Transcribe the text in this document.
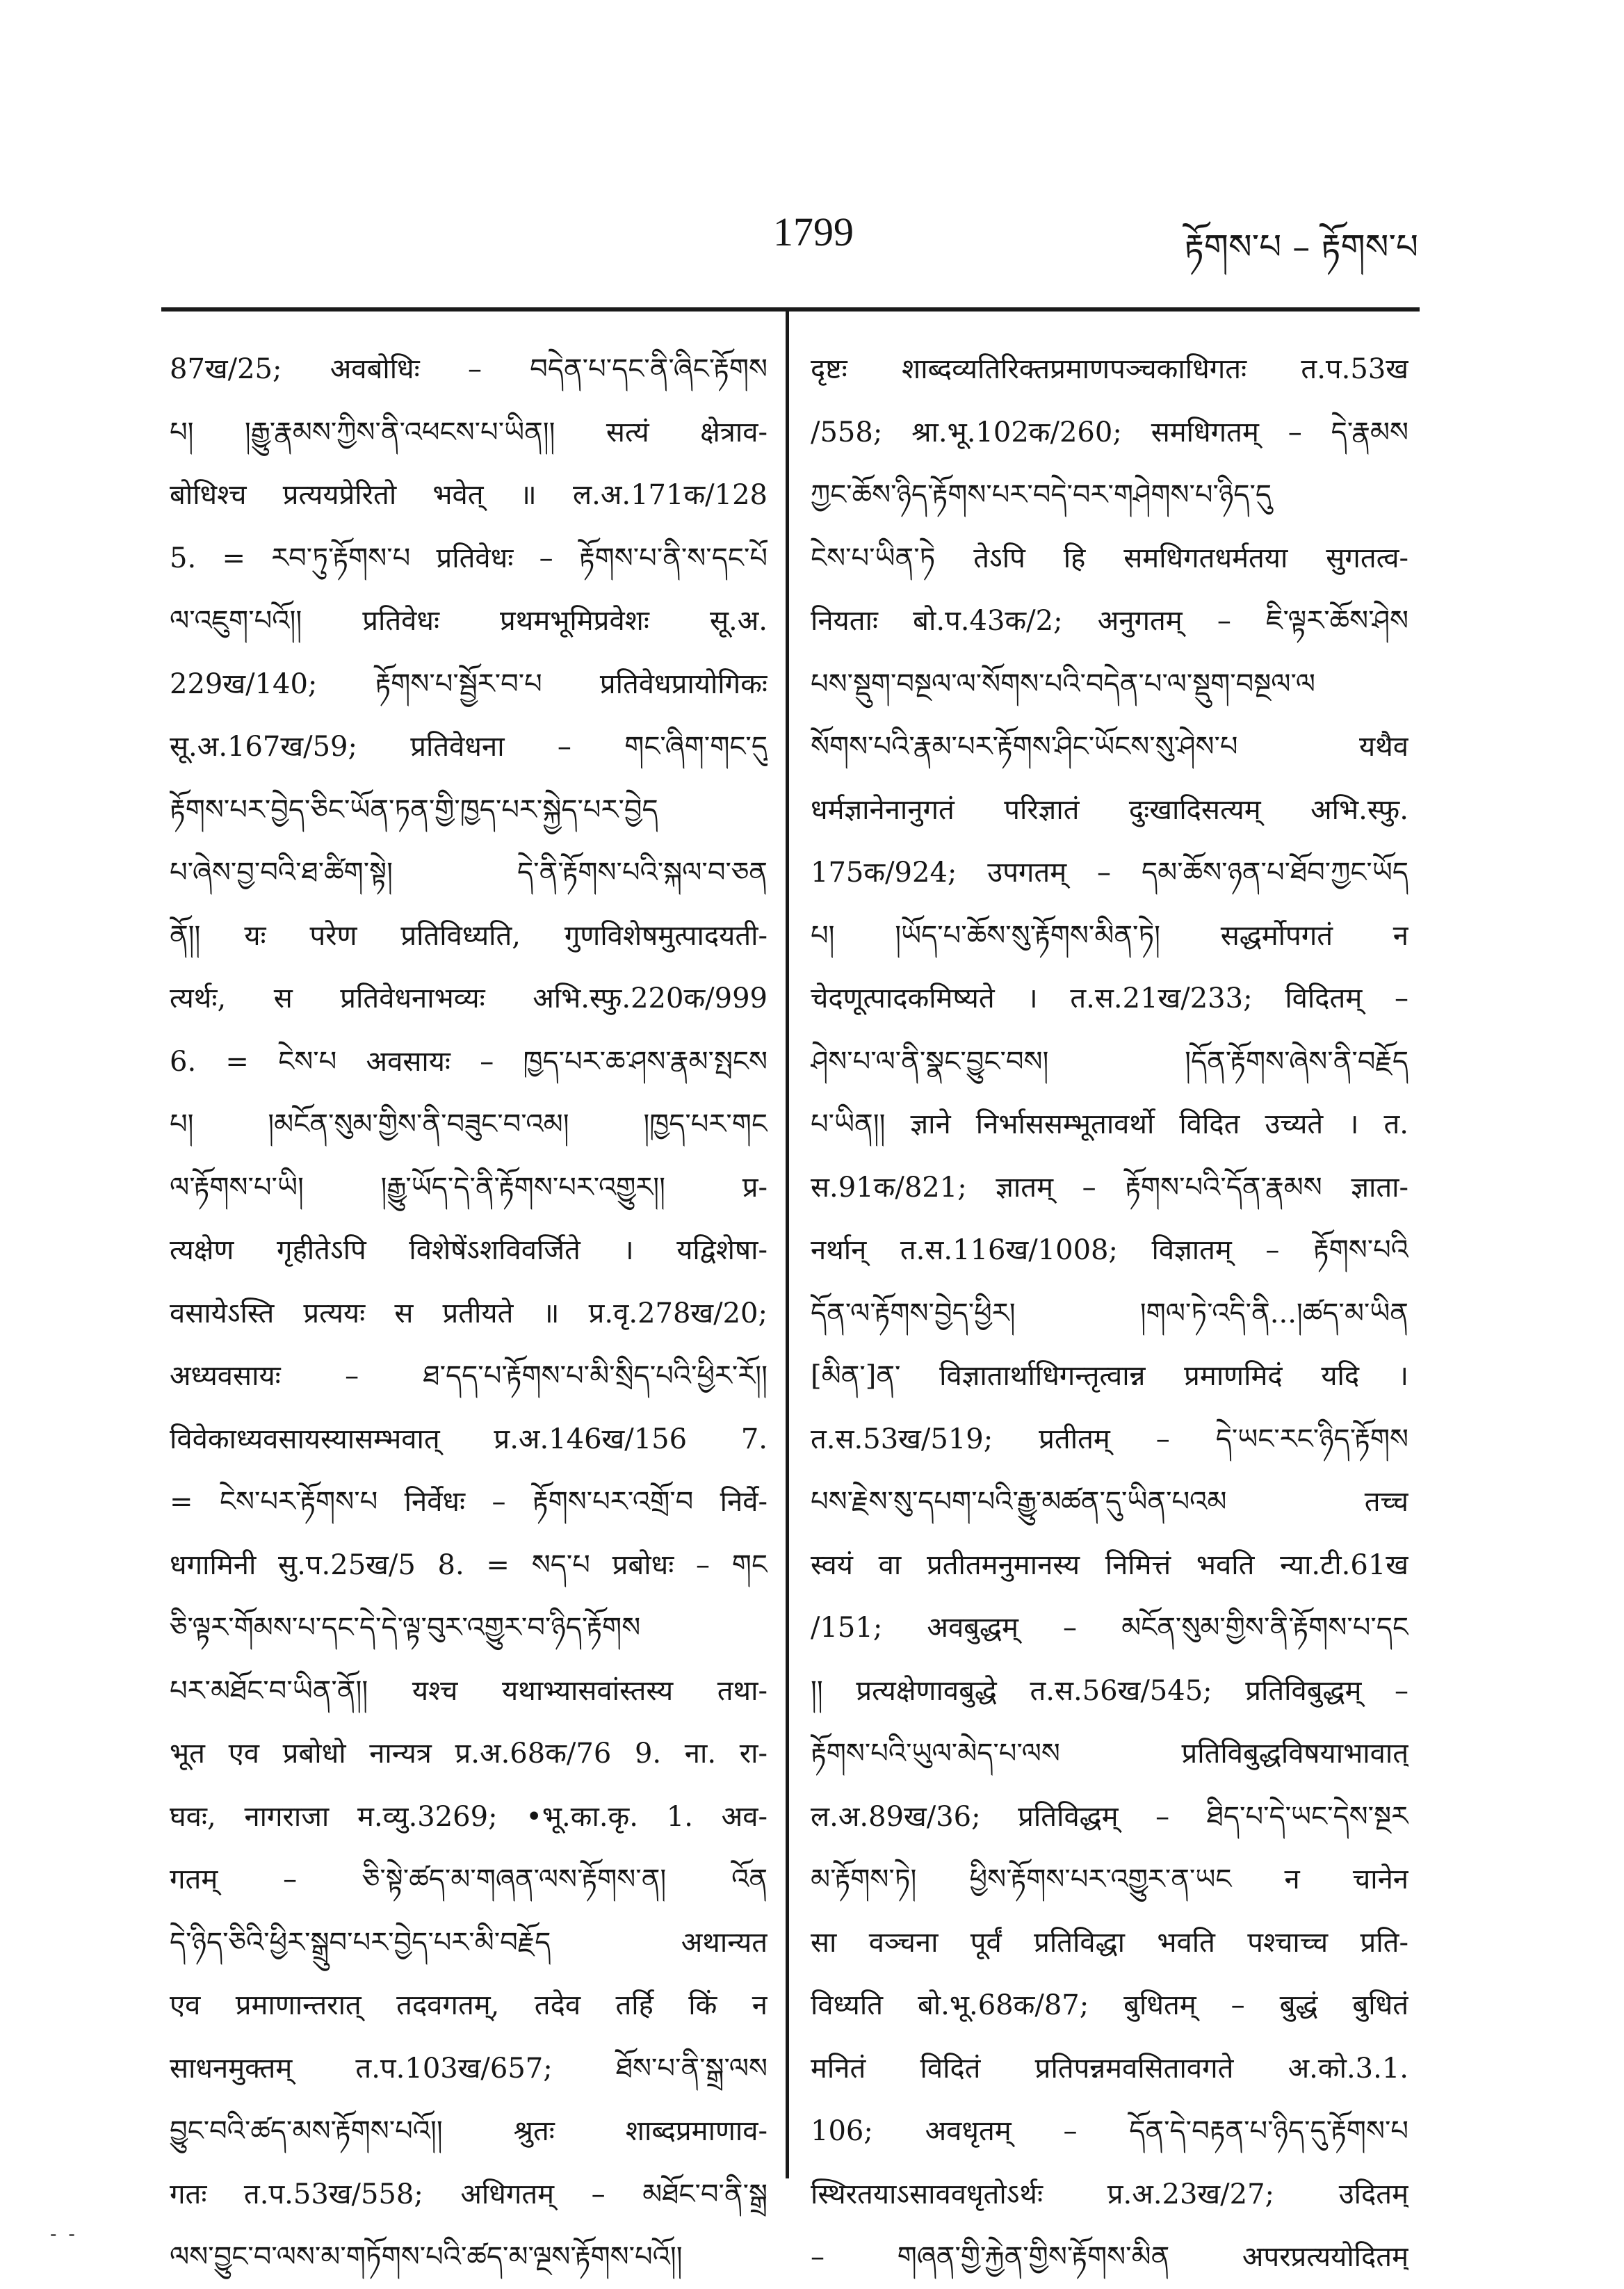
1799	རྟོགས་པ – རྟོགས་པ
87ख/25; अवबोधिः – བདེན་པ་དང་ནི་ཞིང་རྟོགས
པ། །རྒྱུ་རྣམས་ཀྱིས་ནི་འཕངས་པ་ཡིན།། सत्यं क्षेत्राव-
बोधिश्च प्रत्ययप्रेरितो भवेत् ॥ ल.अ.171क/128
5. = རབ་ཏུ་རྟོགས་པ प्रतिवेधः – རྟོགས་པ་ནི་ས་དང་པོ
ལ་འཇུག་པའོ།། प्रतिवेधः प्रथमभूमिप्रवेशः सू.अ.
229ख/140; རྟོགས་པ་སྦྱོར་བ་པ प्रतिवेधप्रायोगिकः
सू.अ.167ख/59; प्रतिवेधना – གང་ཞིག་གང་དུ
རྟོགས་པར་བྱེད་ཅིང་ཡོན་ཏན་གྱི་ཁྱད་པར་སྐྱེད་པར་བྱེད
པ་ཞེས་བྱ་བའི་ཐ་ཚིག་སྟེ། དེ་ནི་རྟོགས་པའི་སྐལ་བ་ཅན
ནོ།། यः परेण प्रतिविध्यति, गुणविशेषमुत्पादयती-
त्यर्थः, स प्रतिवेधनाभव्यः अभि.स्फु.220क/999
6. = ངེས་པ अवसायः – ཁྱད་པར་ཆ་ཤས་རྣམ་སྤངས
པ། །མངོན་སུམ་གྱིས་ནི་བཟུང་བ་འམ། །ཁྱད་པར་གང
ལ་རྟོགས་པ་ཡི། །རྒྱུ་ཡོད་དེ་ནི་རྟོགས་པར་འགྱུར།། प्र-
त्यक्षेण गृहीतेऽपि विशेषेंऽशविवर्जिते । यद्विशेषा-
वसायेऽस्ति प्रत्ययः स प्रतीयते ॥ प्र.वृ.278ख/20;
अध्यवसायः – ཐ་དད་པ་རྟོགས་པ་མི་སྲིད་པའི་ཕྱིར་རོ།།
विवेकाध्यवसायस्यासम्भवात् प्र.अ.146ख/156 7.
= ངེས་པར་རྟོགས་པ निर्वेधः – རྟོགས་པར་འགྲོ་བ निर्वे-
धगामिनी सु.प.25ख/5 8. = སད་པ प्रबोधः – གང
ཅི་ལྟར་གོམས་པ་དང་དེ་དེ་ལྟ་བུར་འགྱུར་བ་ཉིད་རྟོགས
པར་མཐོང་བ་ཡིན་ནོ།། यश्च यथाभ्यासवांस्तस्य तथा-
भूत एव प्रबोधो नान्यत्र प्र.अ.68क/76 9. ना. रा-
घवः, नागराजा म.व्यु.3269; •भू.का.कृ. 1. अव-
गतम् – ཅི་སྟེ་ཚད་མ་གཞན་ལས་རྟོགས་ན། འོན
དེ་ཉིད་ཅིའི་ཕྱིར་སྒྲུབ་པར་བྱེད་པར་མི་བརྗོད अथान्यत
एव प्रमाणान्तरात् तदवगतम्, तदेव तर्हि किं न
साधनमुक्तम् त.प.103ख/657; ཐོས་པ་ནི་སྒྲ་ལས
བྱུང་བའི་ཚད་མས་རྟོགས་པའོ།། श्रुतः शाब्दप्रमाणाव-
गतः त.प.53ख/558; अधिगतम् – མཐོང་བ་ནི་སྒྲ
ལས་བྱུང་བ་ལས་མ་གཏོགས་པའི་ཚད་མ་ལྔས་རྟོགས་པའོ།།
दृष्टः शाब्दव्यतिरिक्तप्रमाणपञ्चकाधिगतः त.प.53ख
/558; श्रा.भू.102क/260; समधिगतम् – དེ་རྣམས
ཀྱང་ཆོས་ཉིད་རྟོགས་པར་བདེ་བར་གཤེགས་པ་ཉིད་དུ
ངེས་པ་ཡིན་ཏེ तेऽपि हि समधिगतधर्मतया सुगतत्व-
नियताः बो.प.43क/2; अनुगतम् – ཇི་ལྟར་ཆོས་ཤེས
པས་སྡུག་བསྔལ་ལ་སོགས་པའི་བདེན་པ་ལ་སྡུག་བསྔལ་ལ
སོགས་པའི་རྣམ་པར་རྟོགས་ཤིང་ཡོངས་སུ་ཤེས་པ यथैव
धर्मज्ञानेनानुगतं परिज्ञातं दुःखादिसत्यम् अभि.स्फु.
175क/924; उपगतम् – དམ་ཆོས་ཉན་པ་ཐོབ་ཀྱང་ཡོད
པ། །ཡོད་པ་ཆོས་སུ་རྟོགས་མིན་ཏེ། सद्धर्मोपगतं न
चेदणूत्पादकमिष्यते । त.स.21ख/233; विदितम् –
ཤེས་པ་ལ་ནི་སྣང་བྱུང་བས། །དོན་རྟོགས་ཞེས་ནི་བརྗོད
པ་ཡིན།། ज्ञाने निर्भाससम्भूतावर्थो विदित उच्यते । त.
स.91क/821; ज्ञातम् – རྟོགས་པའི་དོན་རྣམས ज्ञाता-
नर्थान् त.स.116ख/1008; विज्ञातम् – རྟོགས་པའི
དོན་ལ་རྟོགས་བྱེད་ཕྱིར། །གལ་ཏེ་འདི་ནི...།ཚད་མ་ཡིན
[མིན་]ན་ विज्ञातार्थाधिगन्तृत्वान्न प्रमाणमिदं यदि ।
त.स.53ख/519; प्रतीतम् – དེ་ཡང་རང་ཉིད་རྟོགས
པས་རྗེས་སུ་དཔག་པའི་རྒྱུ་མཚན་དུ་ཡིན་པའམ तच्च
स्वयं वा प्रतीतमनुमानस्य निमित्तं भवति न्या.टी.61ख
/151; अवबुद्धम् – མངོན་སུམ་གྱིས་ནི་རྟོགས་པ་དང
།། प्रत्यक्षेणावबुद्धे त.स.56ख/545; प्रतिविबुद्धम् –
རྟོགས་པའི་ཡུལ་མེད་པ་ལས प्रतिविबुद्धविषयाभावात्
ल.अ.89ख/36; प्रतिविद्धम् – ཐིད་པ་དེ་ཡང་དེས་སྔར
མ་རྟོགས་ཏེ། ཕྱིས་རྟོགས་པར་འགྱུར་ན་ཡང न चानेन
सा वञ्चना पूर्वं प्रतिविद्धा भवति पश्चाच्च प्रति-
विध्यति बो.भू.68क/87; बुधितम् – बुद्धं बुधितं
मनितं विदितं प्रतिपन्नमवसितावगते अ.को.3.1.
106; अवधृतम् – དོན་དེ་བརྟན་པ་ཉིད་དུ་རྟོགས་པ
स्थिरतयाऽसाववधृतोऽर्थः प्र.अ.23ख/27; उदितम्
– གཞན་གྱི་རྐྱེན་གྱིས་རྟོགས་མིན अपरप्रत्ययोदितम्
- -
